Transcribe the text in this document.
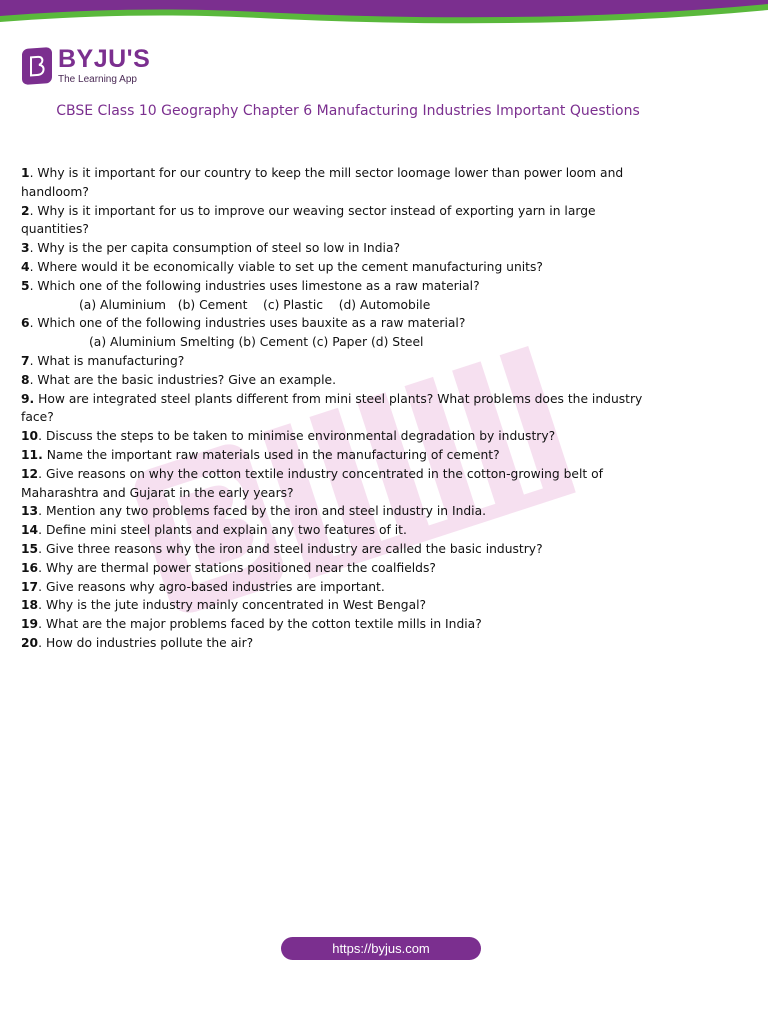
BYJU'S
The Learning App
CBSE Class 10 Geography Chapter 6 Manufacturing Industries Important Questions
1. Why is it important for our country to keep the mill sector loomage lower than power loom and handloom?
2. Why is it important for us to improve our weaving sector instead of exporting yarn in large quantities?
3. Why is the per capita consumption of steel so low in India?
4. Where would it be economically viable to set up the cement manufacturing units?
5. Which one of the following industries uses limestone as a raw material?
(a) Aluminium   (b) Cement    (c) Plastic    (d) Automobile
6. Which one of the following industries uses bauxite as a raw material?
(a) Aluminium Smelting (b) Cement (c) Paper (d) Steel
7. What is manufacturing?
8. What are the basic industries? Give an example.
9. How are integrated steel plants different from mini steel plants? What problems does the industry face?
10. Discuss the steps to be taken to minimise environmental degradation by industry?
11. Name the important raw materials used in the manufacturing of cement?
12. Give reasons on why the cotton textile industry concentrated in the cotton-growing belt of Maharashtra and Gujarat in the early years?
13. Mention any two problems faced by the iron and steel industry in India.
14. Define mini steel plants and explain any two features of it.
15. Give three reasons why the iron and steel industry are called the basic industry?
16. Why are thermal power stations positioned near the coalfields?
17. Give reasons why agro-based industries are important.
18. Why is the jute industry mainly concentrated in West Bengal?
19. What are the major problems faced by the cotton textile mills in India?
20. How do industries pollute the air?
https://byjus.com
